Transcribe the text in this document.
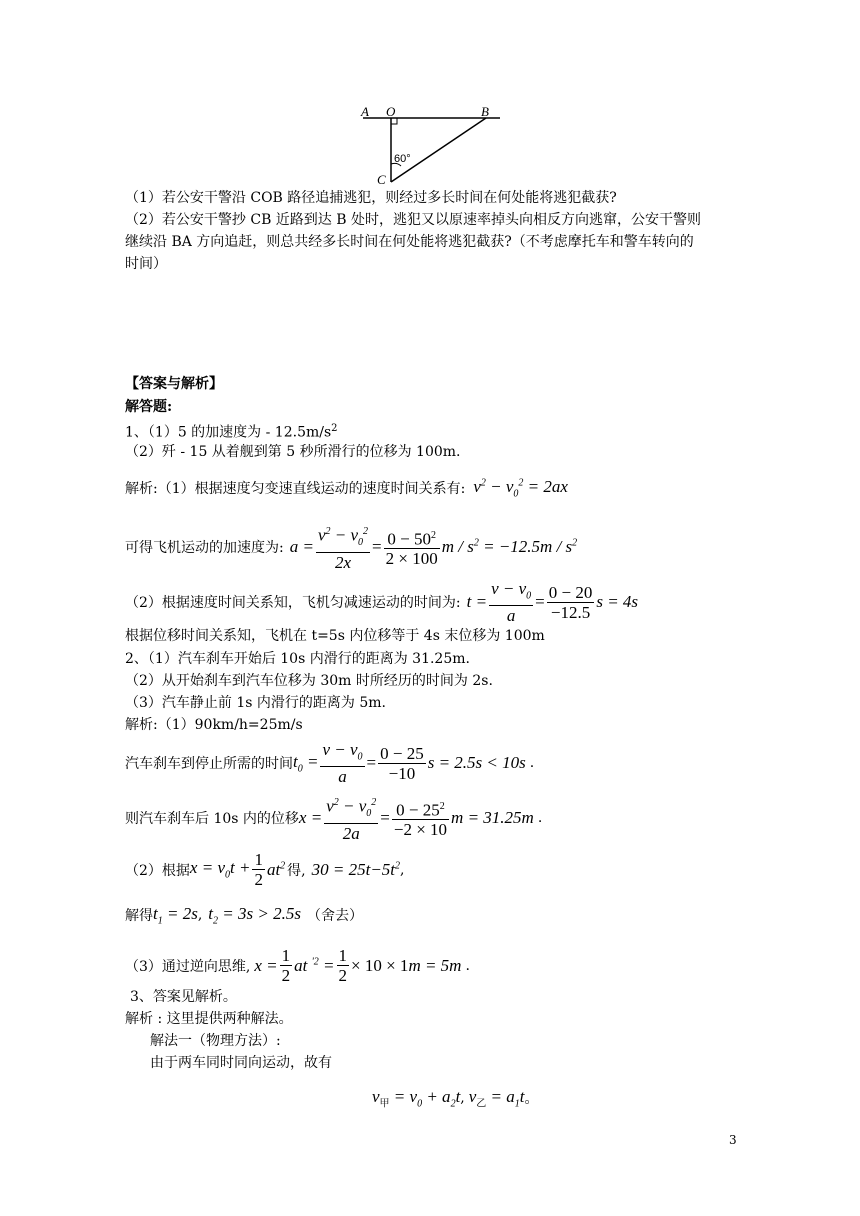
A O	B
C
60°
（1）若公安干警沿 COB 路径追捕逃犯，则经过多长时间在何处能将逃犯截获?
（2）若公安干警抄 CB 近路到达 B 处时，逃犯又以原速率掉头向相反方向逃窜，公安干警则
继续沿 BA 方向追赶，则总共经多长时间在何处能将逃犯截获?（不考虑摩托车和警车转向的
时间）
【答案与解析】
解答题:
1、（1）5 的加速度为 - $12.5m/s^2$
（2）歼 - 15 从着舰到第 5 秒所滑行的位移为 100m.
解析:（1）根据速度匀变速直线运动的速度时间关系有: $v^2 - v_0^2 = 2ax$
可得飞机运动的加速度为: $a = \frac{v^2 - v_0^2}{2x} = \frac{0 - 50^2}{2 \times 100}$ $m / s^2 = -12.5m / s^2$
（2）根据速度时间关系知，飞机匀减速运动的时间为: $t = \frac{v - v_0}{a} = \frac{0 - 20}{-12.5}$ s = 4s
根据位移时间关系知，飞机在 t=5s 内位移等于 4s 末位移为 100m
2、（1）汽车刹车开始后 10s 内滑行的距离为 31.25m.
（2）从开始刹车到汽车位移为 30m 时所经历的时间为 2s.
（3）汽车静止前 1s 内滑行的距离为 5m.
解析:（1）90km/h=25m/s
汽车刹车到停止所需的时间 $t_0 = \frac{v - v_0}{a} = \frac{0 - 25}{-10}$ s = 2.5s < 10s .
则汽车刹车后 10s 内的位移 $x = \frac{v^2 - v_0^2}{2a} = \frac{0 - 25^2}{-2 \times 10}$ m = 31.25m .
（2）根据 $x = v_0t + \frac{1}{2} at^2$ 得, $30 = 25t-5t^2$ ,
解得 $t_1 = 2s$ , $t_2 = 3s > 2.5s$ （舍去）
（3）通过逆向思维, $x = \frac{1}{2}$ at $^{'2} = \frac{1}{2} \times 10 \times 1$ m = 5m .
3、答案见解析。
解析 : 这里提供两种解法。
解法一（物理方法）:
由于两车同时同向运动，故有
$v_甲 = v_0 + a_2t$ , $v_乙 = a_1t$ 。
3
